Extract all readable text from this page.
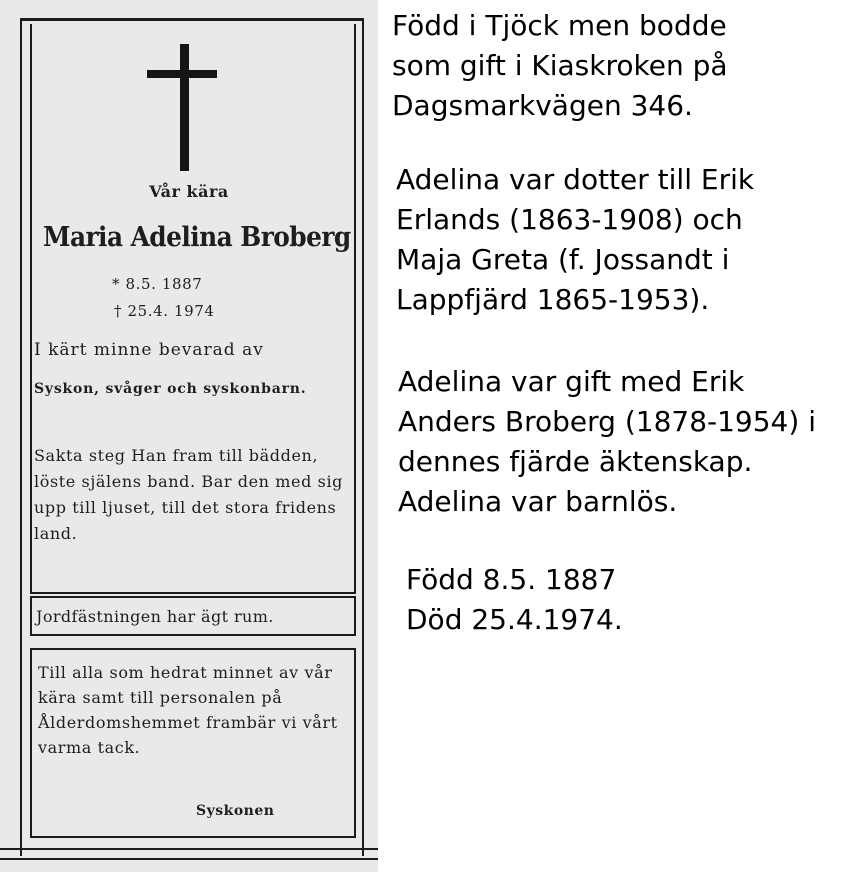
Vår kära

Maria Adelina Broberg

* 8.5. 1887

† 25.4. 1974

I kärt minne bevarad av

Syskon, svåger och syskonbarn.

Sakta steg Han fram till bädden, löste själens band. Bar den med sig upp till ljuset, till det stora fridens land.

Jordfästningen har ägt rum.

Till alla som hedrat minnet av vår kära samt till personalen på Ålderdomshemmet frambär vi vårt varma tack.

Syskonen

Född i Tjöck men bodde
som gift i Kiaskroken på
Dagsmarkvägen 346.

Adelina var dotter till Erik
Erlands (1863-1908) och
Maja Greta (f. Jossandt i
Lappfjärd 1865-1953).

Adelina var gift med Erik
Anders Broberg (1878-1954) i
dennes fjärde äktenskap.
Adelina var barnlös.

Född 8.5. 1887
Död 25.4.1974.
